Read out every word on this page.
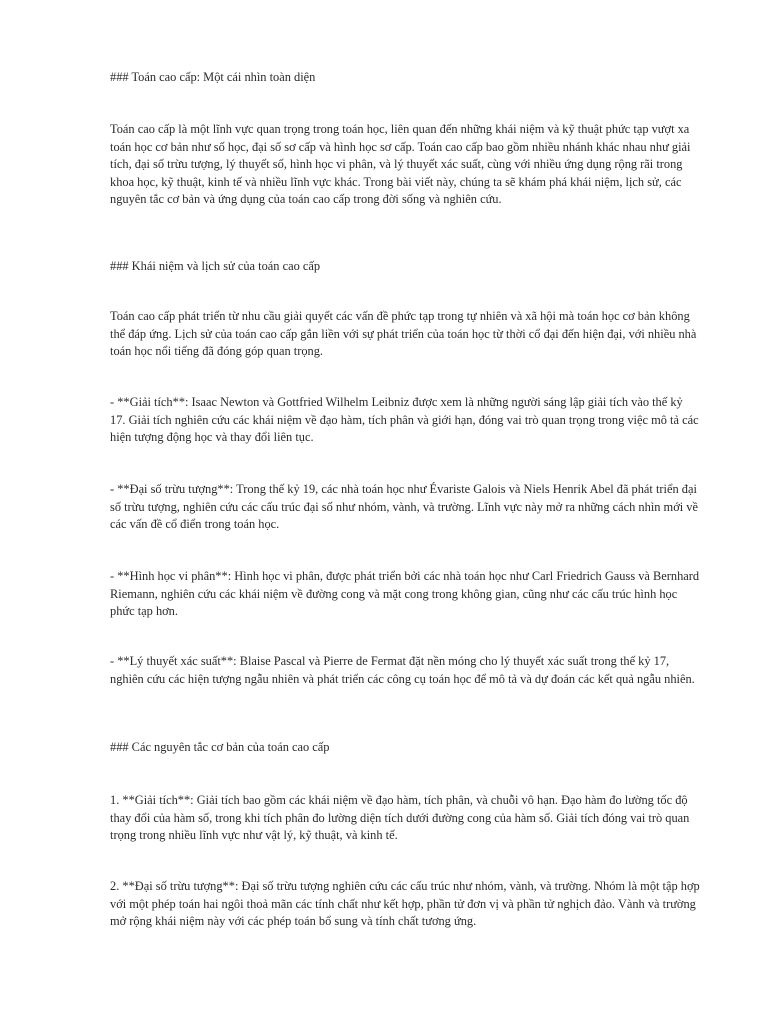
### Toán cao cấp: Một cái nhìn toàn diện

Toán cao cấp là một lĩnh vực quan trọng trong toán học, liên quan đến những khái niệm và kỹ thuật phức tạp vượt xa toán học cơ bản như số học, đại số sơ cấp và hình học sơ cấp. Toán cao cấp bao gồm nhiều nhánh khác nhau như giải tích, đại số trừu tượng, lý thuyết số, hình học vi phân, và lý thuyết xác suất, cùng với nhiều ứng dụng rộng rãi trong khoa học, kỹ thuật, kinh tế và nhiều lĩnh vực khác. Trong bài viết này, chúng ta sẽ khám phá khái niệm, lịch sử, các nguyên tắc cơ bản và ứng dụng của toán cao cấp trong đời sống và nghiên cứu.

### Khái niệm và lịch sử của toán cao cấp

Toán cao cấp phát triển từ nhu cầu giải quyết các vấn đề phức tạp trong tự nhiên và xã hội mà toán học cơ bản không thể đáp ứng. Lịch sử của toán cao cấp gắn liền với sự phát triển của toán học từ thời cổ đại đến hiện đại, với nhiều nhà toán học nổi tiếng đã đóng góp quan trọng.

- **Giải tích**: Isaac Newton và Gottfried Wilhelm Leibniz được xem là những người sáng lập giải tích vào thế kỷ 17. Giải tích nghiên cứu các khái niệm về đạo hàm, tích phân và giới hạn, đóng vai trò quan trọng trong việc mô tả các hiện tượng động học và thay đổi liên tục.

- **Đại số trừu tượng**: Trong thế kỷ 19, các nhà toán học như Évariste Galois và Niels Henrik Abel đã phát triển đại số trừu tượng, nghiên cứu các cấu trúc đại số như nhóm, vành, và trường. Lĩnh vực này mở ra những cách nhìn mới về các vấn đề cổ điển trong toán học.

- **Hình học vi phân**: Hình học vi phân, được phát triển bởi các nhà toán học như Carl Friedrich Gauss và Bernhard Riemann, nghiên cứu các khái niệm về đường cong và mặt cong trong không gian, cũng như các cấu trúc hình học phức tạp hơn.

- **Lý thuyết xác suất**: Blaise Pascal và Pierre de Fermat đặt nền móng cho lý thuyết xác suất trong thế kỷ 17, nghiên cứu các hiện tượng ngẫu nhiên và phát triển các công cụ toán học để mô tả và dự đoán các kết quả ngẫu nhiên.

### Các nguyên tắc cơ bản của toán cao cấp

1. **Giải tích**: Giải tích bao gồm các khái niệm về đạo hàm, tích phân, và chuỗi vô hạn. Đạo hàm đo lường tốc độ thay đổi của hàm số, trong khi tích phân đo lường diện tích dưới đường cong của hàm số. Giải tích đóng vai trò quan trọng trong nhiều lĩnh vực như vật lý, kỹ thuật, và kinh tế.

2. **Đại số trừu tượng**: Đại số trừu tượng nghiên cứu các cấu trúc như nhóm, vành, và trường. Nhóm là một tập hợp với một phép toán hai ngôi thoả mãn các tính chất như kết hợp, phần tử đơn vị và phần tử nghịch đảo. Vành và trường mở rộng khái niệm này với các phép toán bổ sung và tính chất tương ứng.
